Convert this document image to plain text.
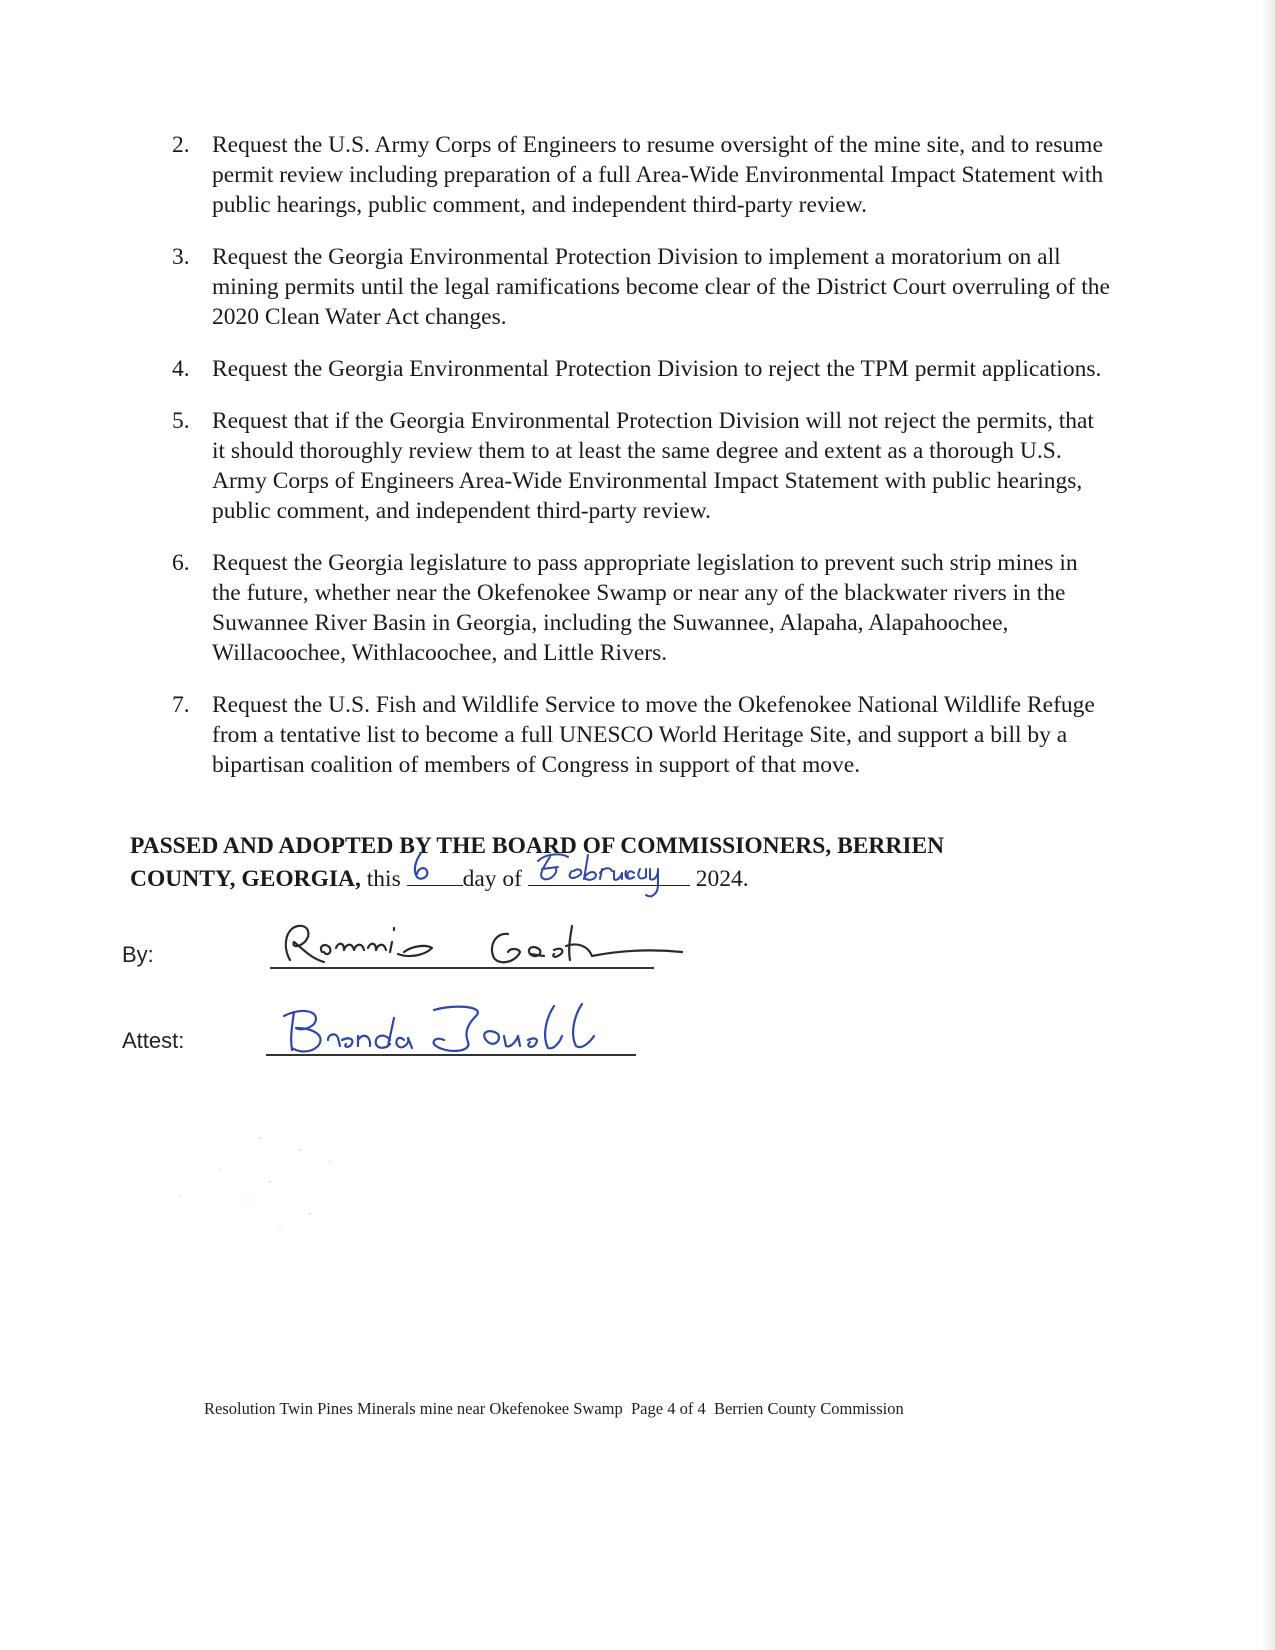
2. Request the U.S. Army Corps of Engineers to resume oversight of the mine site, and to resume permit review including preparation of a full Area-Wide Environmental Impact Statement with public hearings, public comment, and independent third-party review.
3. Request the Georgia Environmental Protection Division to implement a moratorium on all mining permits until the legal ramifications become clear of the District Court overruling of the 2020 Clean Water Act changes.
4. Request the Georgia Environmental Protection Division to reject the TPM permit applications.
5. Request that if the Georgia Environmental Protection Division will not reject the permits, that it should thoroughly review them to at least the same degree and extent as a thorough U.S. Army Corps of Engineers Area-Wide Environmental Impact Statement with public hearings, public comment, and independent third-party review.
6. Request the Georgia legislature to pass appropriate legislation to prevent such strip mines in the future, whether near the Okefenokee Swamp or near any of the blackwater rivers in the Suwannee River Basin in Georgia, including the Suwannee, Alapaha, Alapahoochee, Willacoochee, Withlacoochee, and Little Rivers.
7. Request the U.S. Fish and Wildlife Service to move the Okefenokee National Wildlife Refuge from a tentative list to become a full UNESCO World Heritage Site, and support a bill by a bipartisan coalition of members of Congress in support of that move.
PASSED AND ADOPTED BY THE BOARD OF COMMISSIONERS, BERRIEN COUNTY, GEORGIA, this	day of	2024.
By:
Attest:
Resolution Twin Pines Minerals mine near Okefenokee Swamp  Page 4 of 4  Berrien County Commission
